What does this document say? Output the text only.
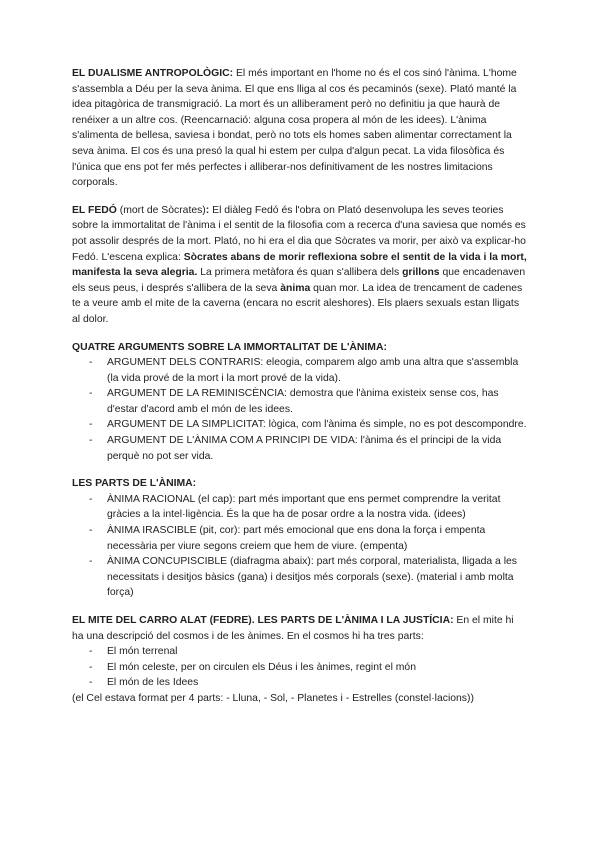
EL DUALISME ANTROPOLÒGIC: El més important en l'home no és el cos sinó l'ànima. L'home s'assembla a Déu per la seva ànima. El que ens lliga al cos és pecaminós (sexe). Plató manté la idea pitagòrica de transmigració. La mort és un alliberament però no definitiu ja que haurà de renéixer a un altre cos. (Reencarnació: alguna cosa propera al món de les idees). L'ànima s'alimenta de bellesa, saviesa i bondat, però no tots els homes saben alimentar correctament la seva ànima. El cos és una presó la qual hi estem per culpa d'algun pecat. La vida filosòfica és l'única que ens pot fer més perfectes i alliberar-nos definitivament de les nostres limitacions corporals.

EL FEDÓ (mort de Sòcrates): El diàleg Fedó és l'obra on Plató desenvolupa les seves teories sobre la immortalitat de l'ànima i el sentit de la filosofia com a recerca d'una saviesa que només es pot assolir després de la mort. Plató, no hi era el dia que Sòcrates va morir, per això va explicar-ho Fedó. L'escena explica: Sòcrates abans de morir reflexiona sobre el sentit de la vida i la mort, manifesta la seva alegria. La primera metàfora és quan s'allibera dels grillons que encadenaven els seus peus, i després s'allibera de la seva ànima quan mor. La idea de trencament de cadenes te a veure amb el mite de la caverna (encara no escrit aleshores). Els plaers sexuals estan lligats al dolor.

QUATRE ARGUMENTS SOBRE LA IMMORTALITAT DE L'ÀNIMA:

- ARGUMENT DELS CONTRARIS: eleogia, comparem algo amb una altra que s'assembla (la vida prové de la mort i la mort prové de la vida).
- ARGUMENT DE LA REMINISCÈNCIA: demostra que l'ànima existeix sense cos, has d'estar d'acord amb el món de les idees.
- ARGUMENT DE LA SIMPLICITAT: lògica, com l'ànima és simple, no es pot descompondre.
- ARGUMENT DE L'ÀNIMA COM A PRINCIPI DE VIDA: l'ànima és el principi de la vida perquè no pot ser vida.

LES PARTS DE L'ÀNIMA:

- ÀNIMA RACIONAL (el cap): part més important que ens permet comprendre la veritat gràcies a la intel·ligència. És la que ha de posar ordre a la nostra vida. (idees)
- ÀNIMA IRASCIBLE (pit, cor): part més emocional que ens dona la força i empenta necessària per viure segons creiem que hem de viure. (empenta)
- ÀNIMA CONCUPISCIBLE (diafragma abaix): part més corporal, materialista, lligada a les necessitats i desitjos bàsics (gana) i desitjos més corporals (sexe). (material i amb molta força)

EL MITE DEL CARRO ALAT (FEDRE). LES PARTS DE L'ÀNIMA I LA JUSTÍCIA: En el mite hi ha una descripció del cosmos i de les ànimes. En el cosmos hi ha tres parts:

- El món terrenal
- El món celeste, per on circulen els Déus i les ànimes, regint el món
- El món de les Idees

(el Cel estava format per 4 parts: - Lluna, - Sol, - Planetes i - Estrelles (constel·lacions))
